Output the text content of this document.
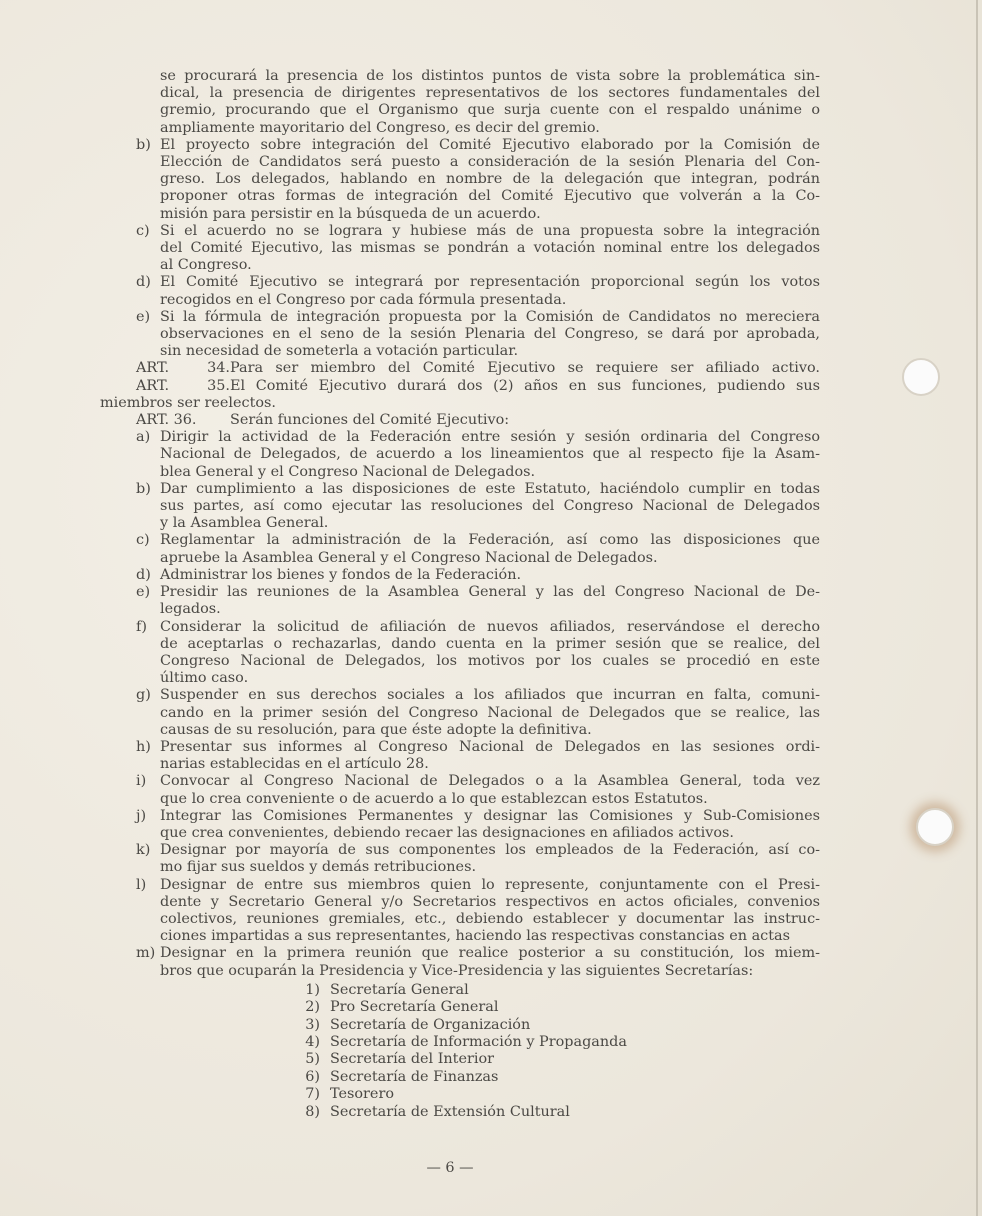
se procurará la presencia de los distintos puntos de vista sobre la problemática sin-
dical, la presencia de dirigentes representativos de los sectores fundamentales del
gremio, procurando que el Organismo que surja cuente con el respaldo unánime o
ampliamente mayoritario del Congreso, es decir del gremio.
b) El proyecto sobre integración del Comité Ejecutivo elaborado por la Comisión de
Elección de Candidatos será puesto a consideración de la sesión Plenaria del Con-
greso. Los delegados, hablando en nombre de la delegación que integran, podrán
proponer otras formas de integración del Comité Ejecutivo que volverán a la Co-
misión para persistir en la búsqueda de un acuerdo.
c) Si el acuerdo no se lograra y hubiese más de una propuesta sobre la integración
del Comité Ejecutivo, las mismas se pondrán a votación nominal entre los delegados
al Congreso.
d) El Comité Ejecutivo se integrará por representación proporcional según los votos
recogidos en el Congreso por cada fórmula presentada.
e) Si la fórmula de integración propuesta por la Comisión de Candidatos no mereciera
observaciones en el seno de la sesión Plenaria del Congreso, se dará por aprobada,
sin necesidad de someterla a votación particular.
ART. 34.Para ser miembro del Comité Ejecutivo se requiere ser afiliado activo.
ART. 35.El Comité Ejecutivo durará dos (2) años en sus funciones, pudiendo sus
miembros ser reelectos.
ART. 36. Serán funciones del Comité Ejecutivo:
a) Dirigir la actividad de la Federación entre sesión y sesión ordinaria del Congreso
Nacional de Delegados, de acuerdo a los lineamientos que al respecto fije la Asam-
blea General y el Congreso Nacional de Delegados.
b) Dar cumplimiento a las disposiciones de este Estatuto, haciéndolo cumplir en todas
sus partes, así como ejecutar las resoluciones del Congreso Nacional de Delegados
y la Asamblea General.
c) Reglamentar la administración de la Federación, así como las disposiciones que
apruebe la Asamblea General y el Congreso Nacional de Delegados.
d) Administrar los bienes y fondos de la Federación.
e) Presidir las reuniones de la Asamblea General y las del Congreso Nacional de De-
legados.
f) Considerar la solicitud de afiliación de nuevos afiliados, reservándose el derecho
de aceptarlas o rechazarlas, dando cuenta en la primer sesión que se realice, del
Congreso Nacional de Delegados, los motivos por los cuales se procedió en este
último caso.
g) Suspender en sus derechos sociales a los afiliados que incurran en falta, comuni-
cando en la primer sesión del Congreso Nacional de Delegados que se realice, las
causas de su resolución, para que éste adopte la definitiva.
h) Presentar sus informes al Congreso Nacional de Delegados en las sesiones ordi-
narias establecidas en el artículo 28.
i) Convocar al Congreso Nacional de Delegados o a la Asamblea General, toda vez
que lo crea conveniente o de acuerdo a lo que establezcan estos Estatutos.
j) Integrar las Comisiones Permanentes y designar las Comisiones y Sub-Comisiones
que crea convenientes, debiendo recaer las designaciones en afiliados activos.
k) Designar por mayoría de sus componentes los empleados de la Federación, así co-
mo fijar sus sueldos y demás retribuciones.
l) Designar de entre sus miembros quien lo represente, conjuntamente con el Presi-
dente y Secretario General y/o Secretarios respectivos en actos oficiales, convenios
colectivos, reuniones gremiales, etc., debiendo establecer y documentar las instruc-
ciones impartidas a sus representantes, haciendo las respectivas constancias en actas
m) Designar en la primera reunión que realice posterior a su constitución, los miem-
bros que ocuparán la Presidencia y Vice-Presidencia y las siguientes Secretarías:
1) Secretaría General
2) Pro Secretaría General
3) Secretaría de Organización
4) Secretaría de Información y Propaganda
5) Secretaría del Interior
6) Secretaría de Finanzas
7) Tesorero
8) Secretaría de Extensión Cultural
— 6 —
